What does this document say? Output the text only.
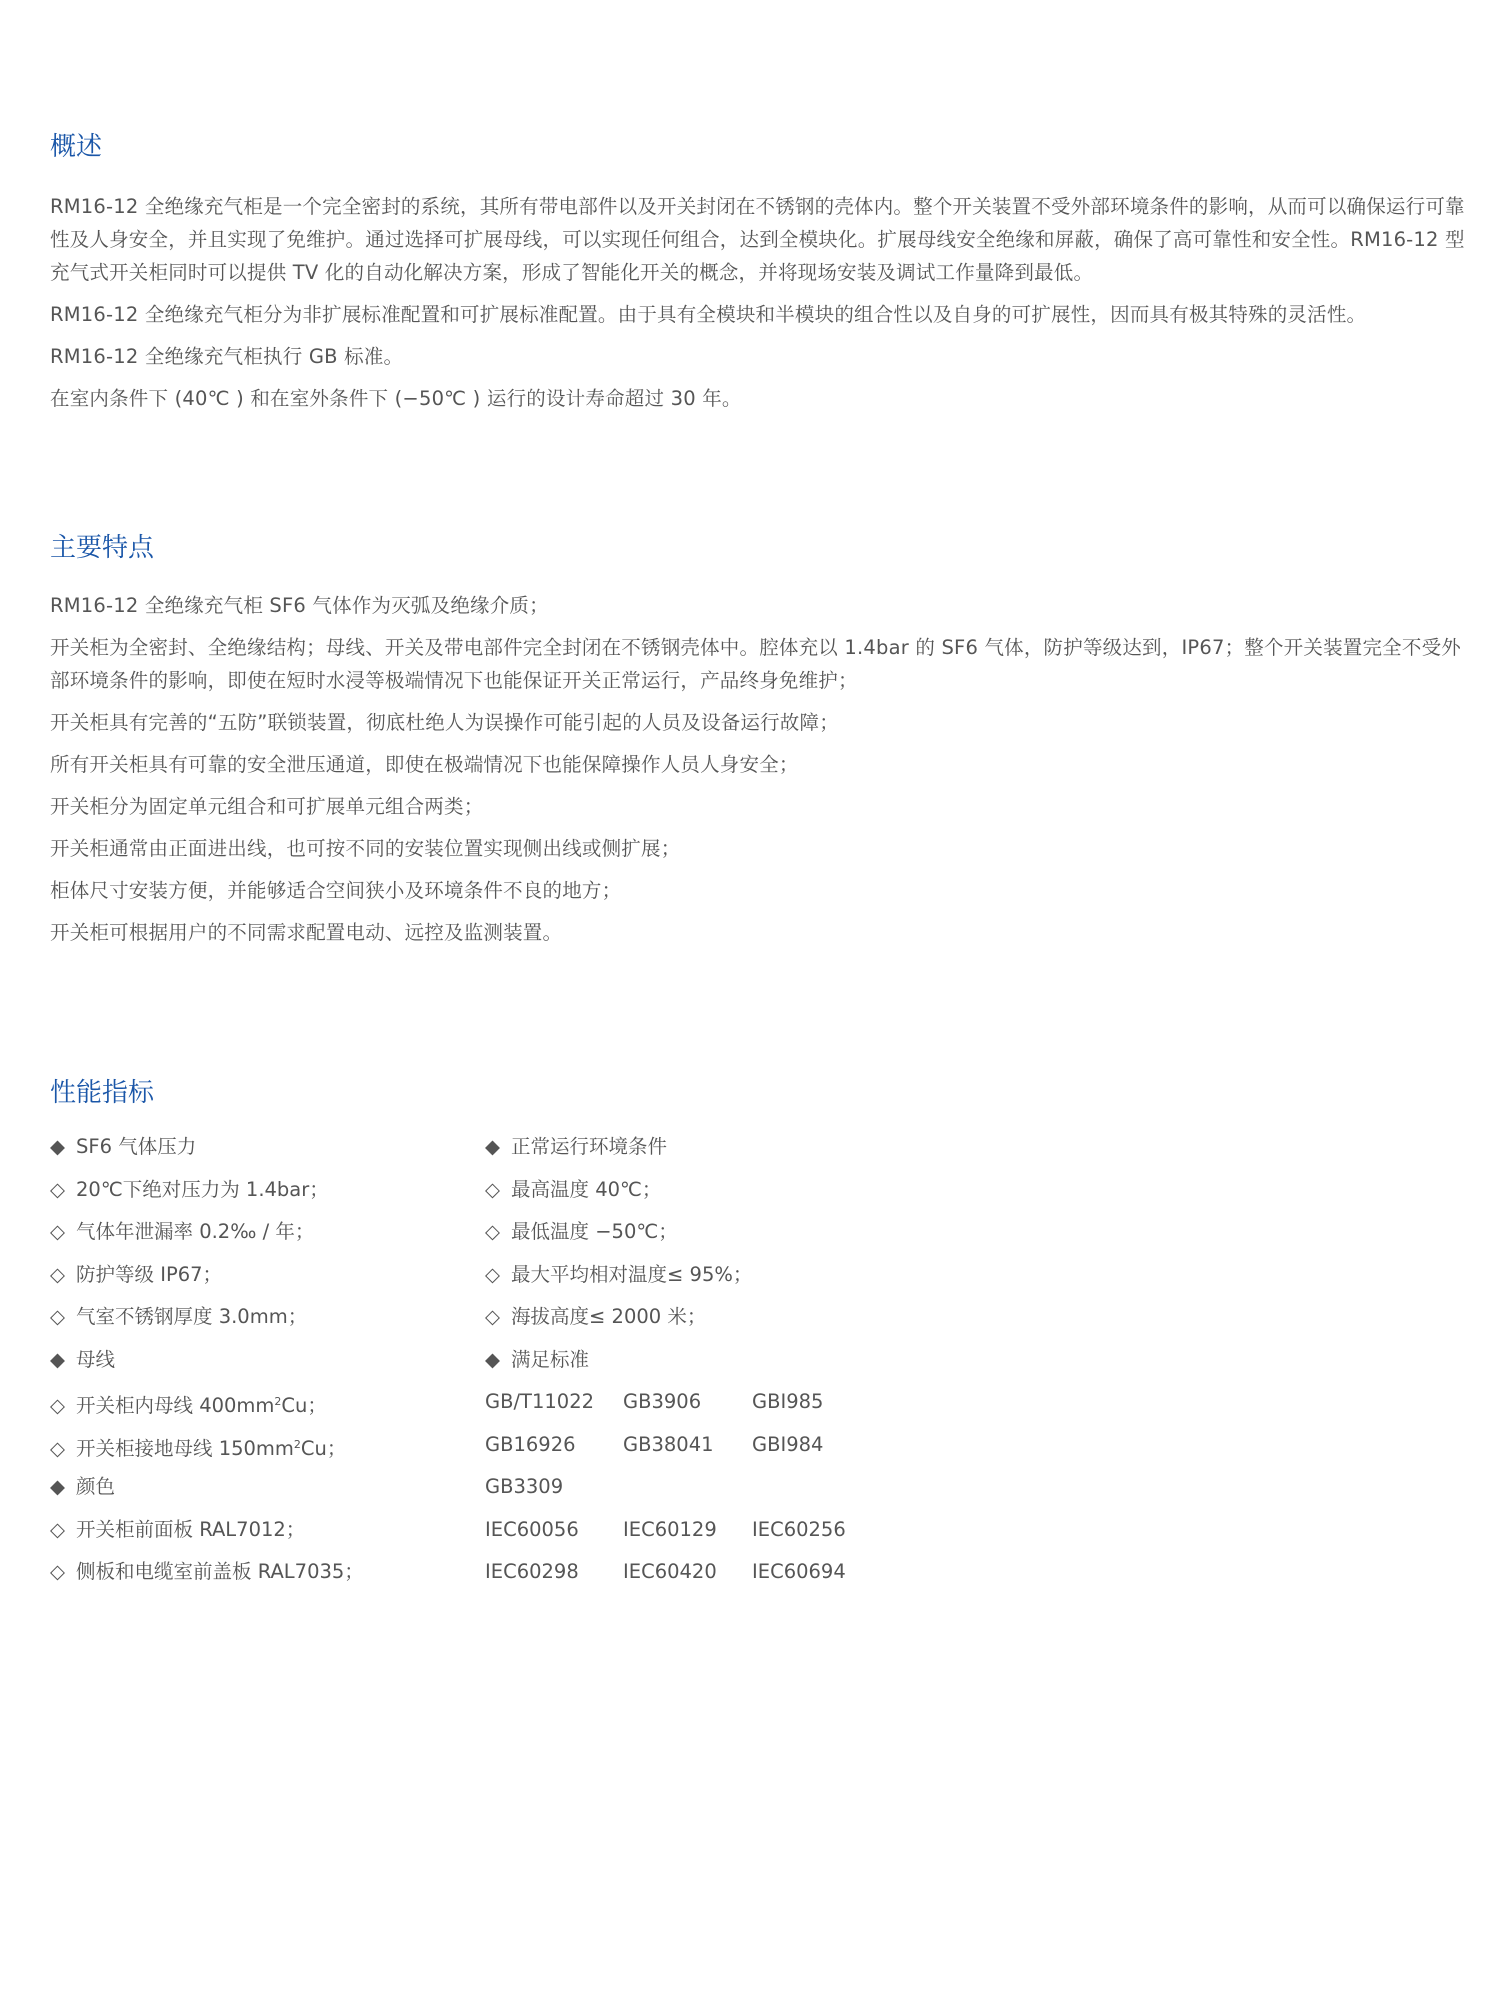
概述

RM16-12 全绝缘充气柜是一个完全密封的系统，其所有带电部件以及开关封闭在不锈钢的壳体内。整个开关装置不受外部环境条件的影响，从而可以确保运行可靠性及人身安全，并且实现了免维护。通过选择可扩展母线，可以实现任何组合，达到全模块化。扩展母线安全绝缘和屏蔽，确保了高可靠性和安全性。RM16-12 型充气式开关柜同时可以提供 TV 化的自动化解决方案，形成了智能化开关的概念，并将现场安装及调试工作量降到最低。

RM16-12 全绝缘充气柜分为非扩展标准配置和可扩展标准配置。由于具有全模块和半模块的组合性以及自身的可扩展性，因而具有极其特殊的灵活性。

RM16-12 全绝缘充气柜执行 GB 标准。

在室内条件下 (40℃ ) 和在室外条件下 (−50℃ ) 运行的设计寿命超过 30 年。

主要特点

RM16-12 全绝缘充气柜 SF6 气体作为灭弧及绝缘介质；

开关柜为全密封、全绝缘结构；母线、开关及带电部件完全封闭在不锈钢壳体中。腔体充以 1.4bar 的 SF6 气体，防护等级达到，IP67；整个开关装置完全不受外部环境条件的影响，即使在短时水浸等极端情况下也能保证开关正常运行，产品终身免维护；

开关柜具有完善的“五防”联锁装置，彻底杜绝人为误操作可能引起的人员及设备运行故障；

所有开关柜具有可靠的安全泄压通道，即使在极端情况下也能保障操作人员人身安全；

开关柜分为固定单元组合和可扩展单元组合两类；

开关柜通常由正面进出线，也可按不同的安装位置实现侧出线或侧扩展；

柜体尺寸安装方便，并能够适合空间狭小及环境条件不良的地方；

开关柜可根据用户的不同需求配置电动、远控及监测装置。

性能指标
◆ SF6 气体压力
◇ 20℃下绝对压力为 1.4bar；
◇ 气体年泄漏率 0.2‰ / 年；
◇ 防护等级 IP67；
◇ 气室不锈钢厚度 3.0mm；
◆ 母线
◇ 开关柜内母线 $400mm^2Cu$；
◇ 开关柜接地母线 $150mm^2Cu$；
◆ 颜色
◇ 开关柜前面板 RAL7012；
◇ 侧板和电缆室前盖板 RAL7035；
◆ 正常运行环境条件
◇ 最高温度 40℃；
◇ 最低温度 −50℃；
◇ 最大平均相对温度≤ 95%；
◇ 海拔高度≤ 2000 米；
◆ 满足标准
GB/T11022	GB3906	GBI985
GB16926	GB38041	GBI984
GB3309
IEC60056	IEC60129	IEC60256
IEC60298	IEC60420	IEC60694
